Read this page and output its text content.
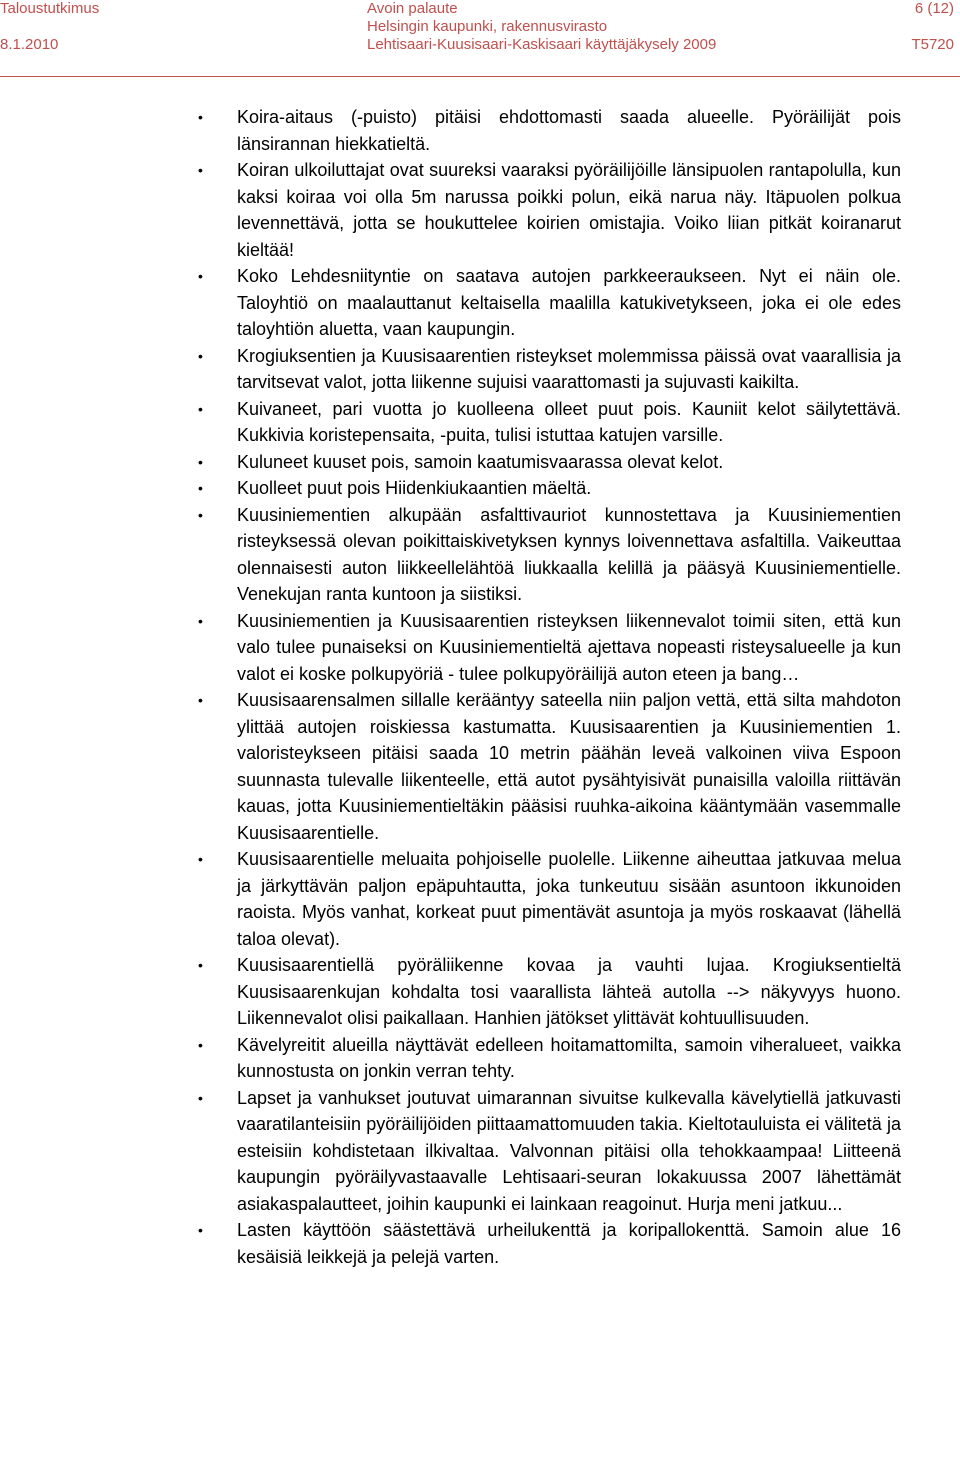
Taloustutkimus
8.1.2010
Avoin palaute
Helsingin kaupunki, rakennusvirasto
Lehtisaari-Kuusisaari-Kaskisaari käyttäjäkysely 2009
6 (12)
T5720
•	Koira-aitaus (-puisto) pitäisi ehdottomasti saada alueelle. Pyöräilijät pois länsirannan hiekkatieltä.
•	Koiran ulkoiluttajat ovat suureksi vaaraksi pyöräilijöille länsipuolen rantapolulla, kun kaksi koiraa voi olla 5m narussa poikki polun, eikä narua näy. Itäpuolen polkua levennettävä, jotta se houkuttelee koirien omistajia. Voiko liian pitkät koiranarut kieltää!
•	Koko Lehdesniityntie on saatava autojen parkkeeraukseen. Nyt ei näin ole. Taloyhtiö on maalauttanut keltaisella maalilla katukivetykseen, joka ei ole edes taloyhtiön aluetta, vaan kaupungin.
•	Krogiuksentien ja Kuusisaarentien risteykset molemmissa päissä ovat vaarallisia ja tarvitsevat valot, jotta liikenne sujuisi vaarattomasti ja sujuvasti kaikilta.
•	Kuivaneet, pari vuotta jo kuolleena olleet puut pois. Kauniit kelot säilytettävä. Kukkivia koristepensaita, -puita, tulisi istuttaa katujen varsille.
•	Kuluneet kuuset pois, samoin kaatumisvaarassa olevat kelot.
•	Kuolleet puut pois Hiidenkiukaantien mäeltä.
•	Kuusiniementien alkupään asfalttivauriot kunnostettava ja Kuusiniementien risteyksessä olevan poikittaiskivetyksen kynnys loivennettava asfaltilla. Vaikeuttaa olennaisesti auton liikkeellelähtöä liukkaalla kelillä ja pääsyä Kuusiniementielle. Venekujan ranta kuntoon ja siistiksi.
•	Kuusiniementien ja Kuusisaarentien risteyksen liikennevalot toimii siten, että kun valo tulee punaiseksi on Kuusiniementieltä ajettava nopeasti risteysalueelle ja kun valot ei koske polkupyöriä - tulee polkupyöräilijä auton eteen ja bang…
•	Kuusisaarensalmen sillalle kerääntyy sateella niin paljon vettä, että silta mahdoton ylittää autojen roiskiessa kastumatta. Kuusisaarentien ja Kuusiniementien 1. valoristeykseen pitäisi saada 10 metrin päähän leveä valkoinen viiva Espoon suunnasta tulevalle liikenteelle, että autot pysähtyisivät punaisilla valoilla riittävän kauas, jotta Kuusiniementieltäkin pääsisi ruuhka-aikoina kääntymään vasemmalle Kuusisaarentielle.
•	Kuusisaarentielle meluaita pohjoiselle puolelle. Liikenne aiheuttaa jatkuvaa melua ja järkyttävän paljon epäpuhtautta, joka tunkeutuu sisään asuntoon ikkunoiden raoista. Myös vanhat, korkeat puut pimentävät asuntoja ja myös roskaavat (lähellä taloa olevat).
•	Kuusisaarentiellä pyöräliikenne kovaa ja vauhti lujaa. Krogiuksentieltä Kuusisaarenkujan kohdalta tosi vaarallista lähteä autolla --> näkyvyys huono. Liikennevalot olisi paikallaan. Hanhien jätökset ylittävät kohtuullisuuden.
•	Kävelyreitit alueilla näyttävät edelleen hoitamattomilta, samoin viheralueet, vaikka kunnostusta on jonkin verran tehty.
•	Lapset ja vanhukset joutuvat uimarannan sivuitse kulkevalla kävelytiellä jatkuvasti vaaratilanteisiin pyöräilijöiden piittaamattomuuden takia. Kieltotauluista ei välitetä ja esteisiin kohdistetaan ilkivaltaa. Valvonnan pitäisi olla tehokkaampaa! Liitteenä kaupungin pyöräilyvastaavalle Lehtisaari-seuran lokakuussa 2007 lähettämät asiakaspalautteet, joihin kaupunki ei lainkaan reagoinut. Hurja meni jatkuu...
•	Lasten käyttöön säästettävä urheilukenttä ja koripallokenttä. Samoin alue 16 kesäisiä leikkejä ja pelejä varten.
